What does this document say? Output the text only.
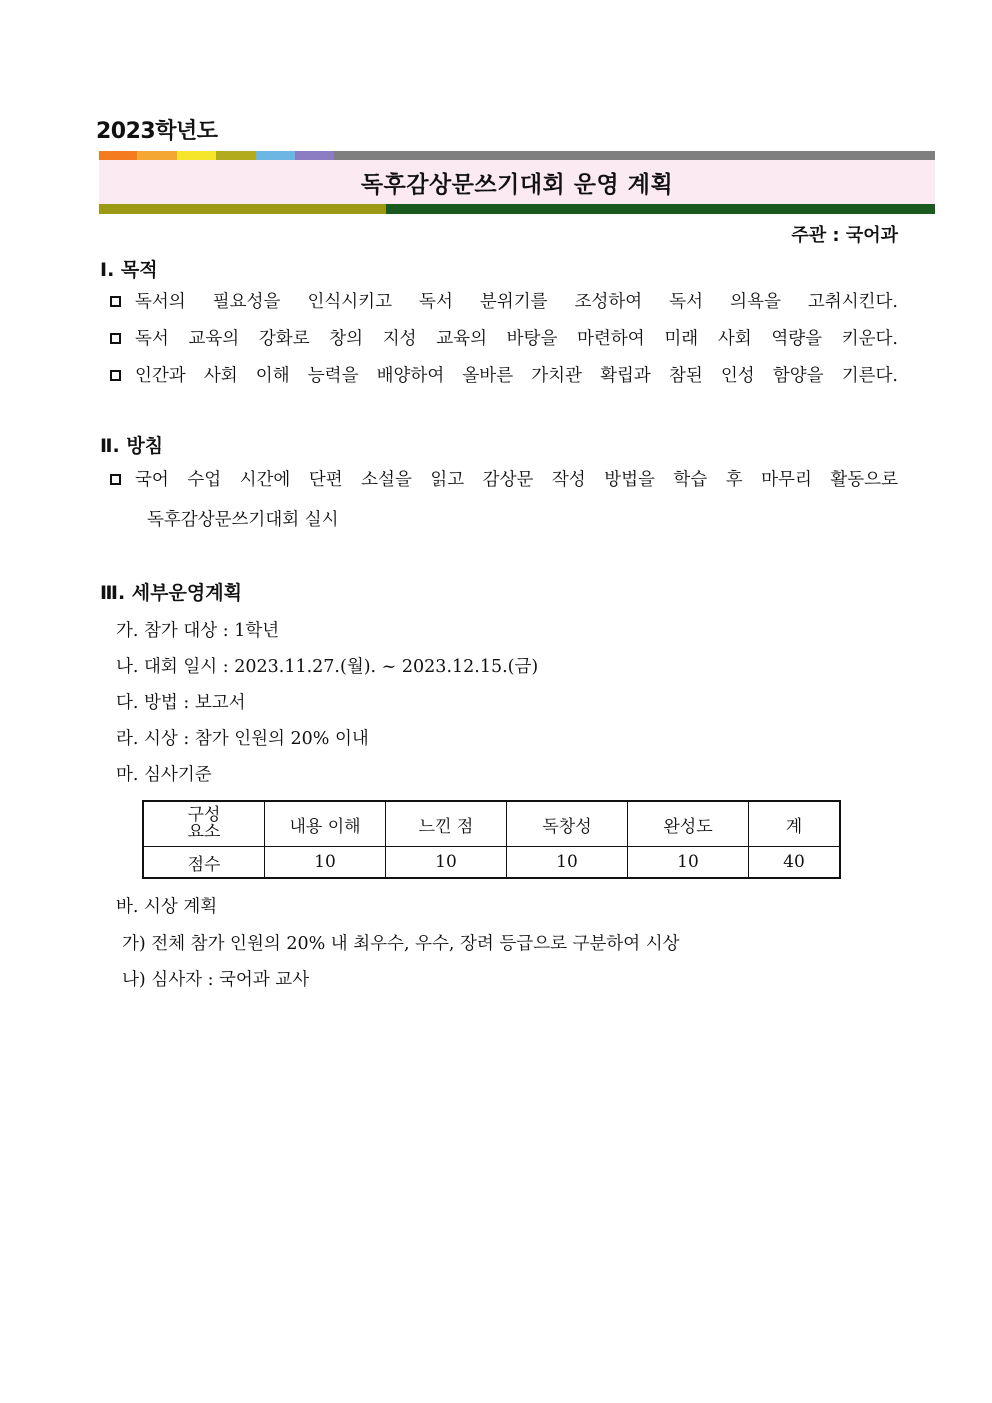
2023학년도
독후감상문쓰기대회 운영 계획
주관 : 국어과
Ⅰ. 목적
독서의 필요성을 인식시키고 독서 분위기를 조성하여 독서 의욕을 고취시킨다.
독서 교육의 강화로 창의 지성 교육의 바탕을 마련하여 미래 사회 역량을 키운다.
인간과 사회 이해 능력을 배양하여 올바른 가치관 확립과 참된 인성 함양을 기른다.
Ⅱ. 방침
국어 수업 시간에 단편 소설을 읽고 감상문 작성 방법을 학습 후 마무리 활동으로
독후감상문쓰기대회 실시
Ⅲ. 세부운영계획
가. 참가 대상 : 1학년
나. 대회 일시 : 2023.11.27.(월). ~ 2023.12.15.(금)
다. 방법 : 보고서
라. 시상 : 참가 인원의 20% 이내
마. 심사기준
구성
요소	내용 이해	느낀 점	독창성	완성도	계
점수	10	10	10	10	40
바. 시상 계획
가) 전체 참가 인원의 20% 내 최우수, 우수, 장려 등급으로 구분하여 시상
나) 심사자 : 국어과 교사
